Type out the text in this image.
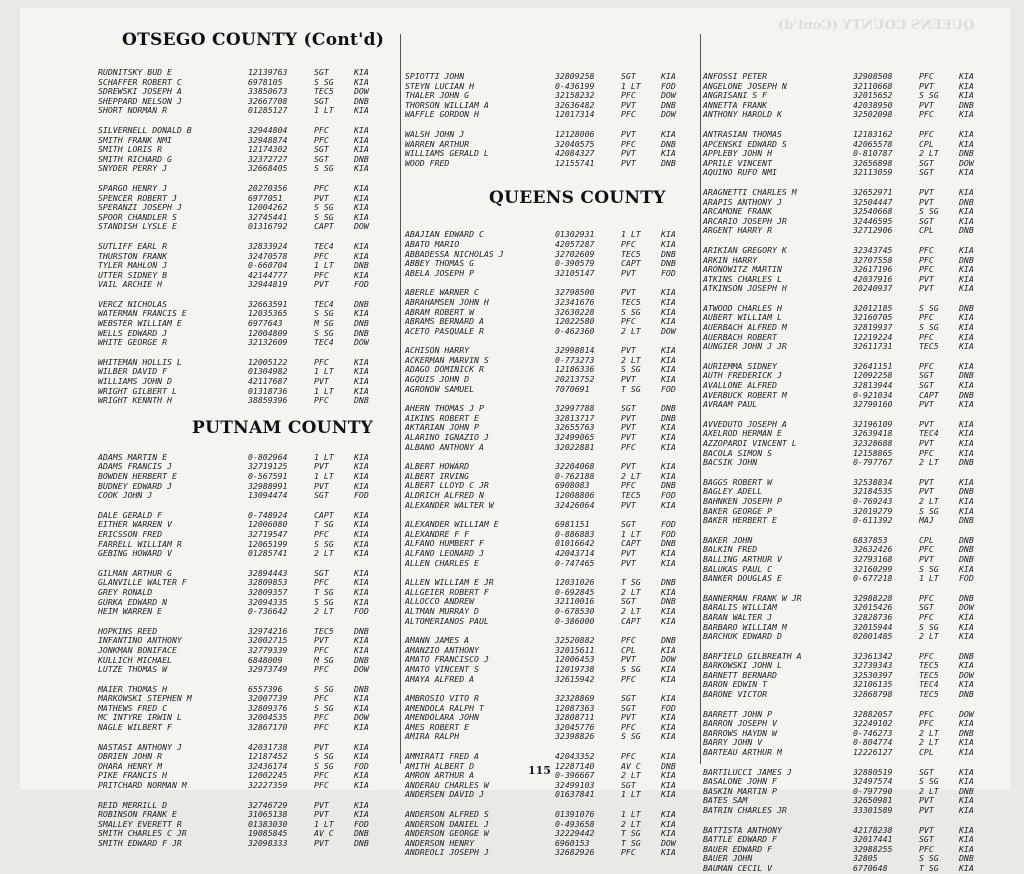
QUEENS COUNTY (Cont'd)
OTSEGO COUNTY (Cont'd)
RUDNITSKY BUD E	12139763	SGT	KIA
SCHAFFER ROBERT C	6978105	S SG	KIA
SDREWSKI JOSEPH A	33850673	TEC5	DOW
SHEPPARD NELSON J	32667708	SGT	DNB
SHORT NORMAN R	01285127	1 LT	KIA
SILVERNELL DONALD B	32944804	PFC	KIA
SMITH FRANK NMI	32948874	PFC	KIA
SMITH LORIS R	12174302	SGT	KIA
SMITH RICHARD G	32372727	SGT	DNB
SNYDER PERRY J	32668405	S SG	KIA
SPARGO HENRY J	20270356	PFC	KIA
SPENCER ROBERT J	6977051	PVT	KIA
SPERANZI JOSEPH J	12004262	S SG	KIA
SPOOR CHANDLER S	32745441	S SG	KIA
STANDISH LYSLE E	01316792	CAPT	DOW
SUTLIFF EARL R	32833924	TEC4	KIA
THURSTON FRANK	32470578	PFC	KIA
TYLER MAHLON J	0-660704	1 LT	DNB
UTTER SIDNEY B	42144777	PFC	KIA
VAIL ARCHIE H	32944819	PVT	FOD
VERCZ NICHOLAS	32663591	TEC4	DNB
WATERMAN FRANCIS E	12035365	S SG	KIA
WEBSTER WILLIAM E	6977643	M SG	DNB
WELLS EDWARD J	12004809	S SG	DNB
WHITE GEORGE R	32132609	TEC4	DOW
WHITEMAN HOLLIS L	12005122	PFC	KIA
WILBER DAVID F	01304982	1 LT	KIA
WILLIAMS JOHN D	42117687	PVT	KIA
WRIGHT GILBERT L	01318736	1 LT	KIA
WRIGHT KENNTH H	38859396	PFC	DNB
PUTNAM COUNTY
ADAMS MARTIN E	0-802964	1 LT	KIA
ADAMS FRANCIS J	32719125	PVT	KIA
BOWDEN HERBERT E	0-567591	1 LT	KIA
BUDNEY EDWARD J	32988991	PVT	KIA
COOK JOHN J	13094474	SGT	FOD
DALE GERALD F	0-748924	CAPT	KIA
EITHER WARREN V	12006080	T SG	KIA
ERICSSON FRED	32719547	PFC	KIA
FARRELL WILLIAM R	12065199	S SG	KIA
GEBING HOWARD V	01285741	2 LT	KIA
GILMAN ARTHUR G	32894443	SGT	KIA
GLANVILLE WALTER F	32809853	PFC	KIA
GREY RONALD	32809357	T SG	KIA
GURKA EDWARD N	32094335	S SG	KIA
HEIM WARREN E	0-736642	2 LT	FOD
HOPKINS REED	32974216	TEC5	DNB
INFANTINO ANTHONY	32002715	PVT	KIA
JONKMAN BONIFACE	32779339	PFC	KIA
KULLICH MICHAEL	6848009	M SG	DNB
LUTZE THOMAS W	32973749	PFC	DOW
MAIER THOMAS H	6557396	S SG	DNB
MARKOWSKI STEPHEN M	32007739	PFC	KIA
MATHEWS FRED C	32809376	S SG	KIA
MC INTYRE IRWIN L	32004535	PFC	DOW
NAGLE WILBERT F	32867170	PFC	KIA
NASTASI ANTHONY J	42031738	PVT	KIA
OBRIEN JOHN R	12187452	S SG	KIA
OHARA HENRY M	32436174	S SG	FOD
PIKE FRANCIS H	12002245	PFC	KIA
PRITCHARD NORMAN M	32227359	PFC	KIA
REID MERRILL D	32746729	PVT	KIA
ROBINSON FRANK E	31065138	PVT	KIA
SMALLEY EVERETT R	01383030	1 LT	FOD
SMITH CHARLES C JR	19085845	AV C	DNB
SMITH EDWARD F JR	32098333	PVT	DNB
SPIOTTI JOHN	32809258	SGT	KIA
STEYN LUCIAN H	0-436199	1 LT	FOD
THALER JOHN G	32158232	PFC	DOW
THORSON WILLIAM A	32636482	PVT	DNB
WAFFLE GORDON H	12017314	PFC	DOW
WALSH JOHN J	12128006	PVT	KIA
WARREN ARTHUR	32040575	PFC	DNB
WILLIAMS GERALD L	42084327	PVT	KIA
WOOD FRED	12155741	PVT	DNB
QUEENS COUNTY
ABAJIAN EDWARD C	01302931	1 LT	KIA
ABATO MARIO	42057287	PFC	KIA
ABBADESSA NICHOLAS J	32702609	TEC5	DNB
ABBEY THOMAS G	0-390579	CAPT	DNB
ABELA JOSEPH P	32105147	PVT	FOD
ABERLE WARNER C	32798500	PVT	KIA
ABRAHAMSEN JOHN H	32341676	TEC5	KIA
ABRAM ROBERT W	32630228	S SG	KIA
ABRAMS BERNARD A	12022580	PFC	KIA
ACETO PASQUALE R	0-462360	2 LT	DOW
ACHISON HARRY	32998814	PVT	KIA
ACKERMAN MARVIN S	0-773273	2 LT	KIA
ADAGO DOMINICK R	12186336	S SG	KIA
AGQUIS JOHN D	20213752	PVT	KIA
AGRONOW SAMUEL	7070691	T SG	FOD
AHERN THOMAS J P	32997788	SGT	DNB
AIKINS ROBERT E	32813717	PVT	DNB
AKTARIAN JOHN P	32655763	PVT	KIA
ALARINO IGNAZIO J	32499065	PVT	KIA
ALBANO ANTHONY A	32022881	PFC	KIA
ALBERT HOWARD	32204068	PVT	KIA
ALBERT IRVING	0-762188	2 LT	KIA
ALBERT LLOYD C JR	6908083	PFC	DNB
ALDRICH ALFRED N	12008806	TEC5	FOD
ALEXANDER WALTER W	32426064	PVT	KIA
ALEXANDER WILLIAM E	6981151	SGT	FOD
ALEXANDRE F F	0-886883	1 LT	FOD
ALFANO HUMBERT F	01016642	CAPT	DNB
ALFANO LEONARD J	42043714	PVT	KIA
ALLEN CHARLES E	0-747465	PVT	KIA
ALLEN WILLIAM E JR	12031026	T SG	DNB
ALLGEIER ROBERT F	0-692845	2 LT	KIA
ALLOCCO ANDREW	32110016	SGT	DNB
ALTMAN MURRAY D	0-678530	2 LT	KIA
ALTOMERIANOS PAUL	0-386000	CAPT	KIA
AMANN JAMES A	32520882	PFC	DNB
AMANZIO ANTHONY	32015611	CPL	KIA
AMATO FRANCISCO J	12006453	PVT	DOW
AMATO VINCENT S	12019738	S SG	KIA
AMAYA ALFRED A	32615942	PFC	KIA
AMBROSIO VITO R	32328869	SGT	KIA
AMENDOLA RALPH T	12087363	SGT	FOD
AMENDOLARA JOHN	32808711	PVT	KIA
AMES ROBERT E	32045776	PFC	KIA
AMIRA RALPH	32398826	S SG	KIA
AMMIRATI FRED A	42043352	PFC	KIA
AMITH ALBERT D	12287140	AV C	DNB
AMRON ARTHUR A	0-396667	2 LT	KIA
ANDERAU CHARLES W	32499103	SGT	KIA
ANDERSEN DAVID J	01637841	1 LT	KIA
ANDERSON ALFRED S	01391076	1 LT	KIA
ANDERSON DANIEL J	0-493658	2 LT	KIA
ANDERSON GEORGE W	32229442	T SG	KIA
ANDERSON HENRY	6960153	T SG	DOW
ANDREOLI JOSEPH J	32682926	PFC	KIA
ANFOSSI PETER	32908508	PFC	KIA
ANGELONE JOSEPH N	32110668	PVT	KIA
ANGRISANI S F	32015652	S SG	KIA
ANNETTA FRANK	42038950	PVT	DNB
ANTHONY HAROLD K	32502098	PFC	KIA
ANTRASIAN THOMAS	12183162	PFC	KIA
APCENSKI EDWARD S	42065578	CPL	KIA
APPLEBY JOHN H	0-810787	2 LT	DNB
APRILE VINCENT	32656898	SGT	DOW
AQUINO RUFO NMI	32113059	SGT	KIA
ARAGNETTI CHARLES M	32652971	PVT	KIA
ARAPIS ANTHONY J	32504447	PVT	DNB
ARCAMONE FRANK	32540668	S SG	KIA
ARCARIO JOSEPH JR	32446595	SGT	KIA
ARGENT HARRY R	32712906	CPL	DNB
ARIKIAN GREGORY K	32343745	PFC	KIA
ARKIN HARRY	32707558	PFC	DNB
ARONOWITZ MARTIN	32617196	PFC	KIA
ATKINS CHARLES L	42037916	PVT	KIA
ATKINSON JOSEPH H	20240937	PVT	KIA
ATWOOD CHARLES H	32012185	S SG	DNB
AUBERT WILLIAM L	32160705	PFC	KIA
AUERBACH ALFRED M	32819937	S SG	KIA
AUERBACH ROBERT	12219224	PFC	KIA
AUNGIER JOHN J JR	32611731	TEC5	KIA
AURIEMMA SIDNEY	32641151	PFC	KIA
AUTH FREDERICK J	12092258	SGT	DNB
AVALLONE ALFRED	32813944	SGT	KIA
AVERBUCK ROBERT M	0-921034	CAPT	DNB
AVRAAM PAUL	32799160	PVT	KIA
AVVEDUTO JOSEPH A	32196109	PVT	KIA
AXELROD HERMAN E	32639418	TEC4	KIA
AZZOPARDI VINCENT L	32328688	PVT	KIA
BACOLA SIMON S	12158865	PFC	KIA
BACSIK JOHN	0-797767	2 LT	DNB
BAGGS ROBERT W	32538834	PVT	KIA
BAGLEY ADELL	32184535	PVT	DNB
BAHNKEN JOSEPH P	0-769243	2 LT	KIA
BAKER GEORGE P	32019279	S SG	KIA
BAKER HERBERT E	0-611392	MAJ	DNB
BAKER JOHN	6837853	CPL	DNB
BALKIN FRED	32632426	PFC	DNB
BALLING ARTHUR V	32793168	PVT	DNB
BALUKAS PAUL C	32160299	S SG	KIA
BANKER DOUGLAS E	0-677218	1 LT	FOD
BANNERMAN FRANK W JR	32988228	PFC	DNB
BARALIS WILLIAM	32015426	SGT	DOW
BARAN WALTER J	32828736	PFC	KIA
BARBARO WILLIAM M	32015944	S SG	KIA
BARCHUK EDWARD D	02001485	2 LT	KIA
BARFIELD GILBREATH A	32361342	PFC	DNB
BARKOWSKI JOHN L	32739343	TEC5	KIA
BARNETT BERNARD	32530397	TEC5	DOW
BARON EDWIN T	32106135	TEC4	KIA
BARONE VICTOR	32868798	TEC5	DNB
BARRETT JOHN P	32882057	PFC	DOW
BARRON JOSEPH V	32249102	PFC	KIA
BARROWS HAYDN W	0-746273	2 LT	DNB
BARRY JOHN V	0-804774	2 LT	KIA
BARTEAU ARTHUR M	12226127	CPL	KIA
BARTILUCCI JAMES J	32880519	SGT	KIA
BASALONE JOHN F	32497574	S SG	KIA
BASKIN MARTIN P	0-797790	2 LT	DNB
BATES SAM	32650981	PVT	KIA
BATRIN CHARLES JR	33301589	PVT	KIA
BATTISTA ANTHONY	42178238	PVT	KIA
BATTLE EDWARD F	32017441	SGT	KIA
BAUER EDWARD F	32988255	PFC	KIA
BAUER JOHN	32805	S SG	DNB
BAUMAN CECIL V	6770648	T SG	KIA
115
